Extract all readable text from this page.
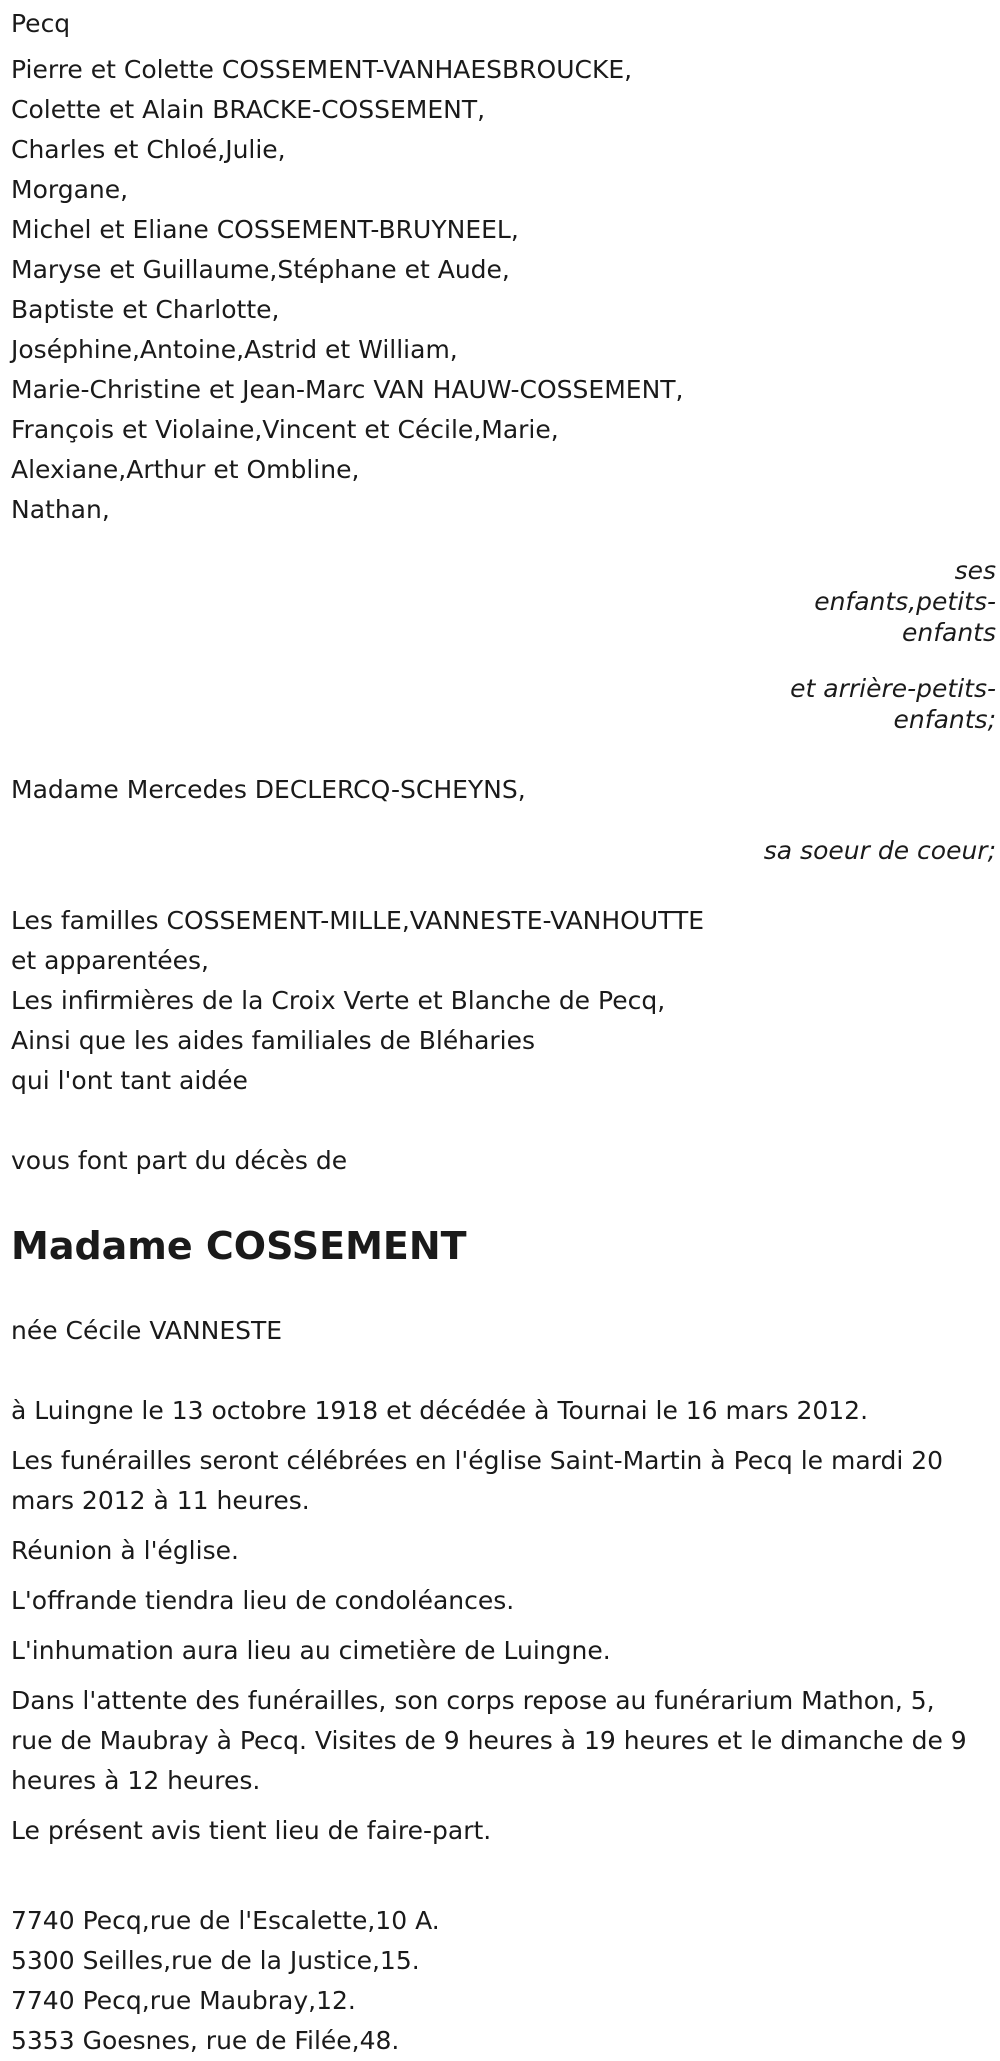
Pecq

Pierre et Colette COSSEMENT-VANHAESBROUCKE,

Colette et Alain BRACKE-COSSEMENT,

Charles et Chloé,Julie,

Morgane,

Michel et Eliane COSSEMENT-BRUYNEEL,

Maryse et Guillaume,Stéphane et Aude,

Baptiste et Charlotte,

Joséphine,Antoine,Astrid et William,

Marie-Christine et Jean-Marc VAN HAUW-COSSEMENT,

François et Violaine,Vincent et Cécile,Marie,

Alexiane,Arthur et Ombline,

Nathan,

ses enfants,petits-enfants

et arrière-petits-enfants;

Madame Mercedes DECLERCQ-SCHEYNS,

sa soeur de coeur;

Les familles COSSEMENT-MILLE,VANNESTE-VANHOUTTE

et apparentées,

Les infirmières de la Croix Verte et Blanche de Pecq,

Ainsi que les aides familiales de Bléharies

qui l'ont tant aidée

vous font part du décès de

Madame COSSEMENT

née Cécile VANNESTE

à Luingne le 13 octobre 1918 et décédée à Tournai le 16 mars 2012.

Les funérailles seront célébrées en l'église Saint-Martin à Pecq le mardi 20 mars 2012 à 11 heures.

Réunion à l'église.

L'offrande tiendra lieu de condoléances.

L'inhumation aura lieu au cimetière de Luingne.

Dans l'attente des funérailles, son corps repose au funérarium Mathon, 5, rue de Maubray à Pecq. Visites de 9 heures à 19 heures et le dimanche de 9 heures à 12 heures.

Le présent avis tient lieu de faire-part.

7740 Pecq,rue de l'Escalette,10 A.

5300 Seilles,rue de la Justice,15.

7740 Pecq,rue Maubray,12.

5353 Goesnes, rue de Filée,48.
